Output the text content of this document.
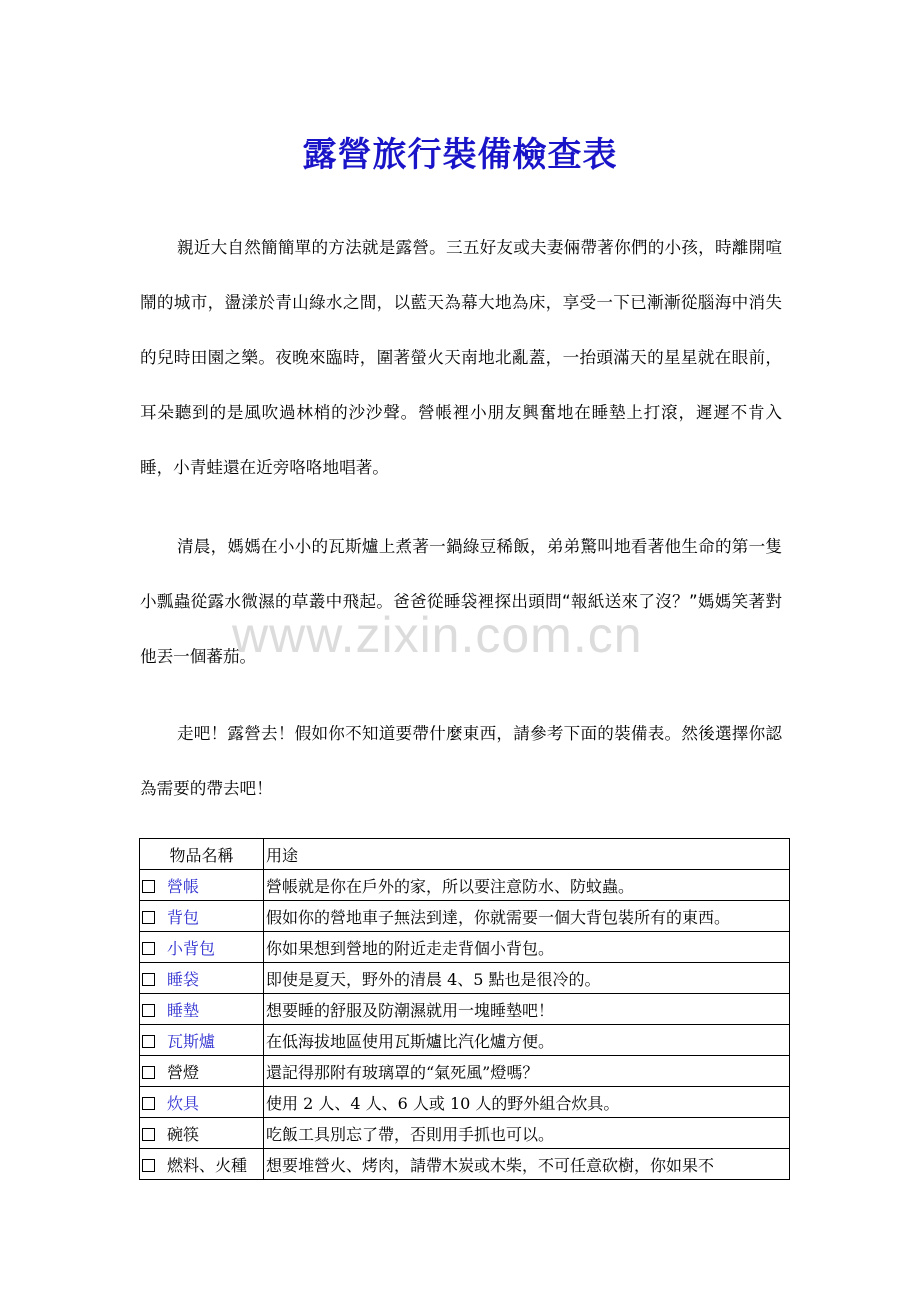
露營旅行裝備檢查表

親近大自然簡簡單的方法就是露營。三五好友或夫妻倆帶著你們的小孩，時離開喧鬧的城市，盪漾於青山綠水之間，以藍天為幕大地為床，享受一下已漸漸從腦海中消失的兒時田園之樂。夜晚來臨時，圍著螢火天南地北亂蓋，一抬頭滿天的星星就在眼前，耳朵聽到的是風吹過林梢的沙沙聲。營帳裡小朋友興奮地在睡墊上打滾，遲遲不肯入睡，小青蛙還在近旁咯咯地唱著。

清晨，媽媽在小小的瓦斯爐上煮著一鍋綠豆稀飯，弟弟驚叫地看著他生命的第一隻小瓢蟲從露水微濕的草叢中飛起。爸爸從睡袋裡探出頭問“報紙送來了沒？”媽媽笑著對他丟一個蕃茄。

走吧！露營去！假如你不知道要帶什麼東西，請參考下面的裝備表。然後選擇你認為需要的帶去吧！

www.zixin.com.cn
物品名稱	用途
營帳	營帳就是你在戶外的家，所以要注意防水、防蚊蟲。
背包	假如你的營地車子無法到達，你就需要一個大背包裝所有的東西。
小背包	你如果想到營地的附近走走背個小背包。
睡袋	即使是夏天，野外的清晨 4、5 點也是很冷的。
睡墊	想要睡的舒服及防潮濕就用一塊睡墊吧！
瓦斯爐	在低海拔地區使用瓦斯爐比汽化爐方便。
營燈	還記得那附有玻璃罩的“氣死風”燈嗎？
炊具	使用 2 人、4 人、6 人或 10 人的野外組合炊具。
碗筷	吃飯工具別忘了帶，否則用手抓也可以。
燃料、火種	想要堆營火、烤肉，請帶木炭或木柴，不可任意砍樹，你如果不
